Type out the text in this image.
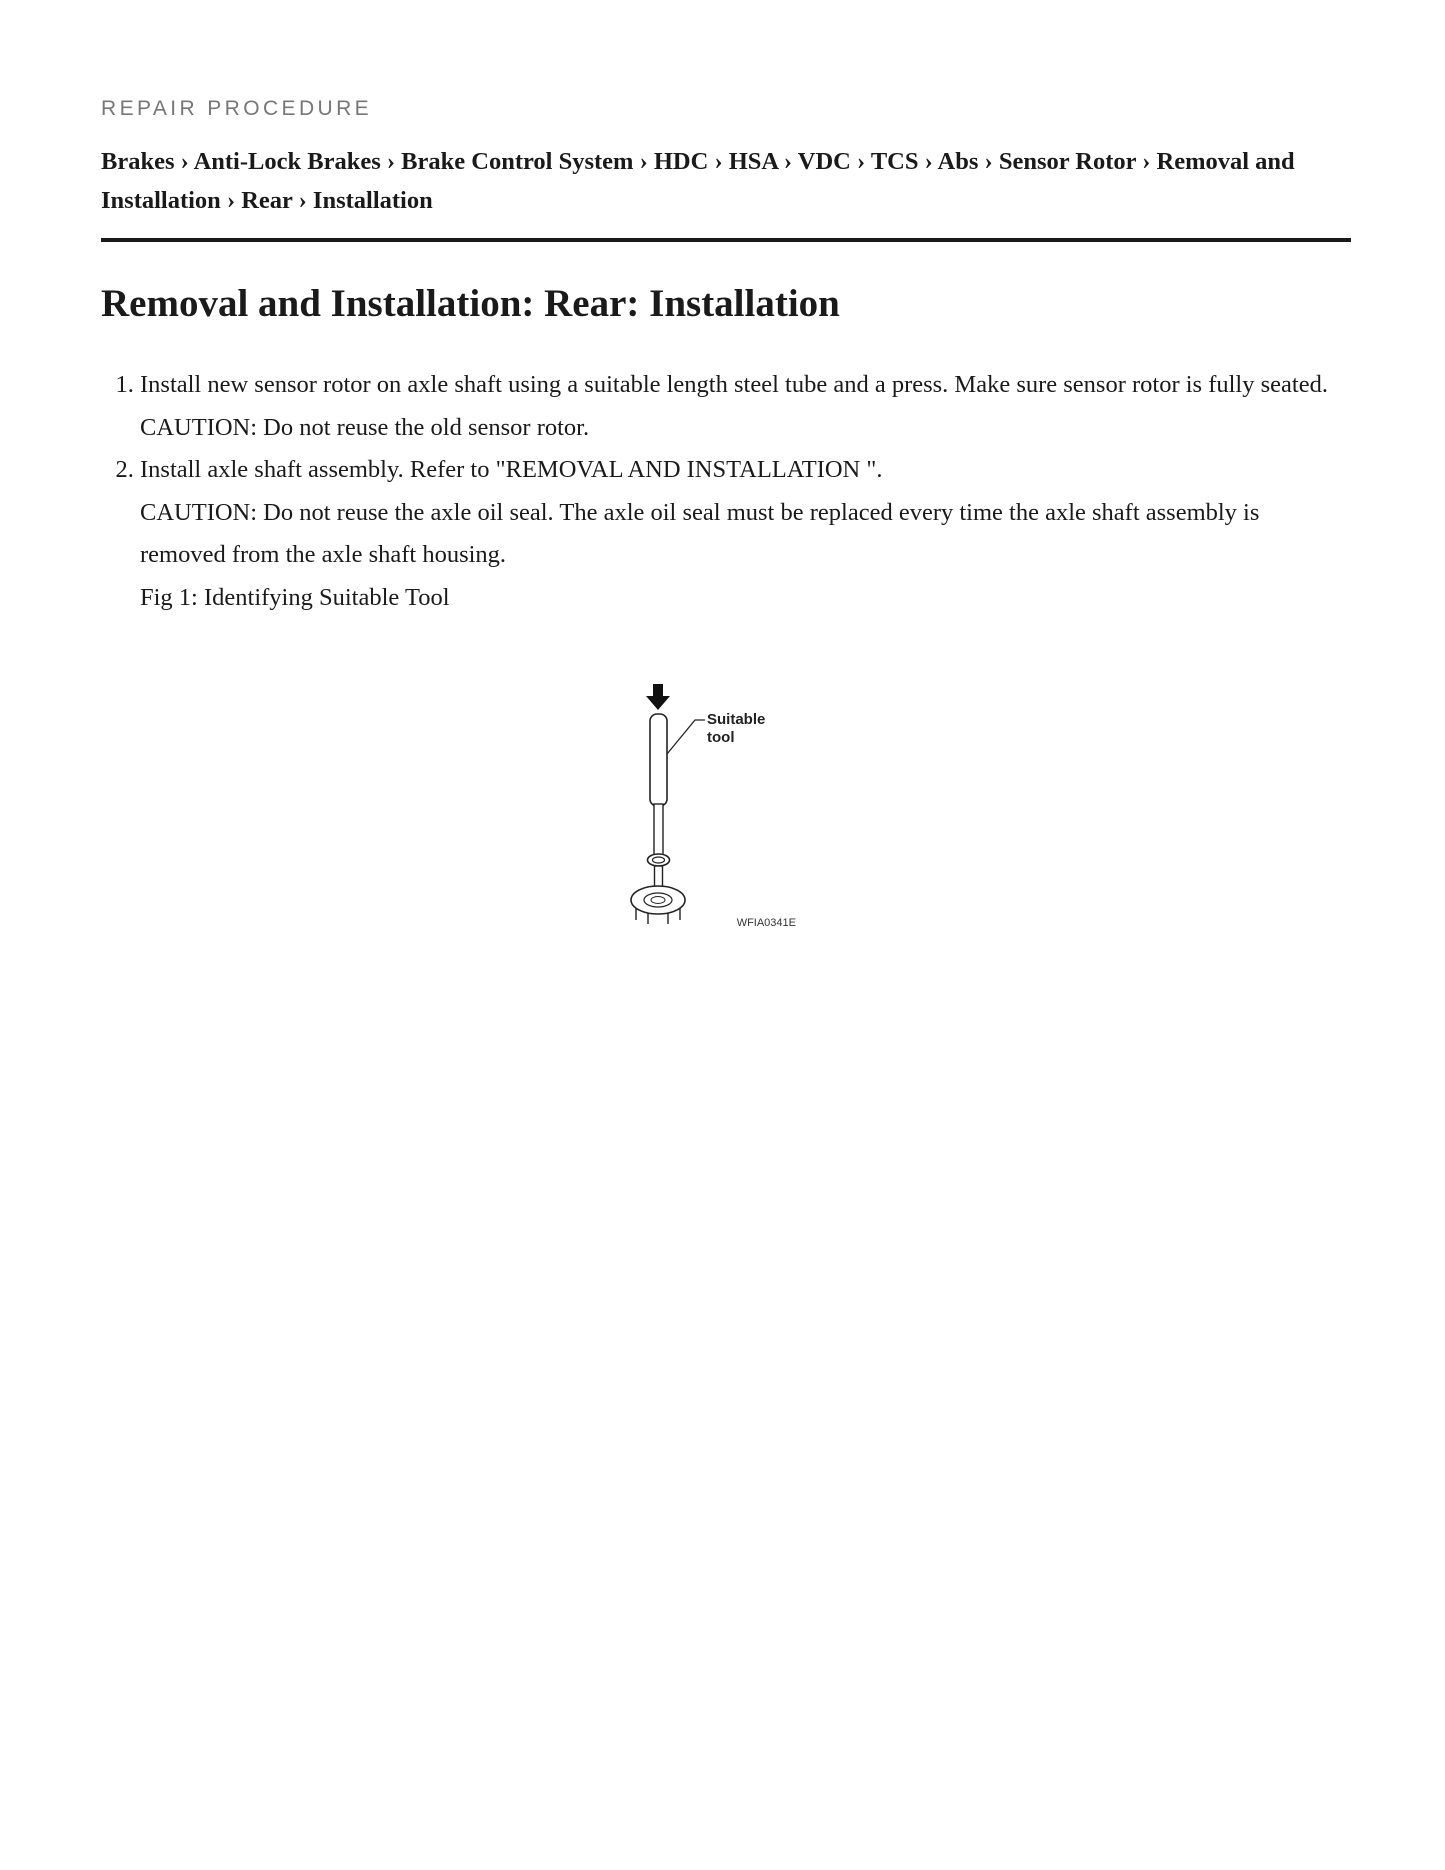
REPAIR PROCEDURE

Brakes › Anti-Lock Brakes › Brake Control System › HDC › HSA › VDC › TCS › Abs › Sensor Rotor › Removal and Installation › Rear › Installation
Removal and Installation: Rear: Installation
1. Install new sensor rotor on axle shaft using a suitable length steel tube and a press. Make sure sensor rotor is fully seated.
CAUTION: Do not reuse the old sensor rotor.
2. Install axle shaft assembly. Refer to "REMOVAL AND INSTALLATION ".
CAUTION: Do not reuse the axle oil seal. The axle oil seal must be replaced every time the axle shaft assembly is removed from the axle shaft housing.
Fig 1: Identifying Suitable Tool
Suitable
tool
WFIA0341E
